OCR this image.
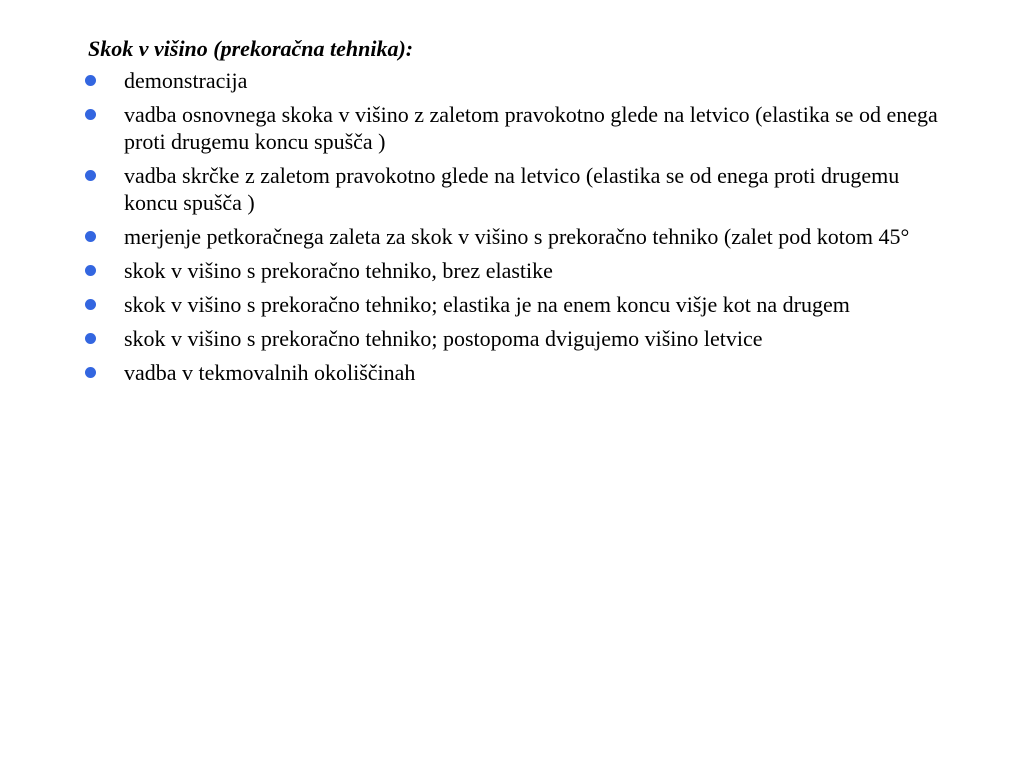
Skok v višino (prekoračna tehnika):
demonstracija
vadba osnovnega skoka v višino z zaletom pravokotno glede na letvico (elastika se od enega proti drugemu koncu spušča )
vadba skrčke z zaletom pravokotno glede na letvico (elastika se od enega proti drugemu koncu spušča )
merjenje petkoračnega zaleta za skok v višino s prekoračno tehniko (zalet pod kotom 45°
skok v višino s prekoračno tehniko, brez elastike
skok v višino s prekoračno tehniko; elastika je na enem koncu višje kot na drugem
skok v višino s prekoračno tehniko; postopoma dvigujemo višino letvice
vadba v tekmovalnih okoliščinah
